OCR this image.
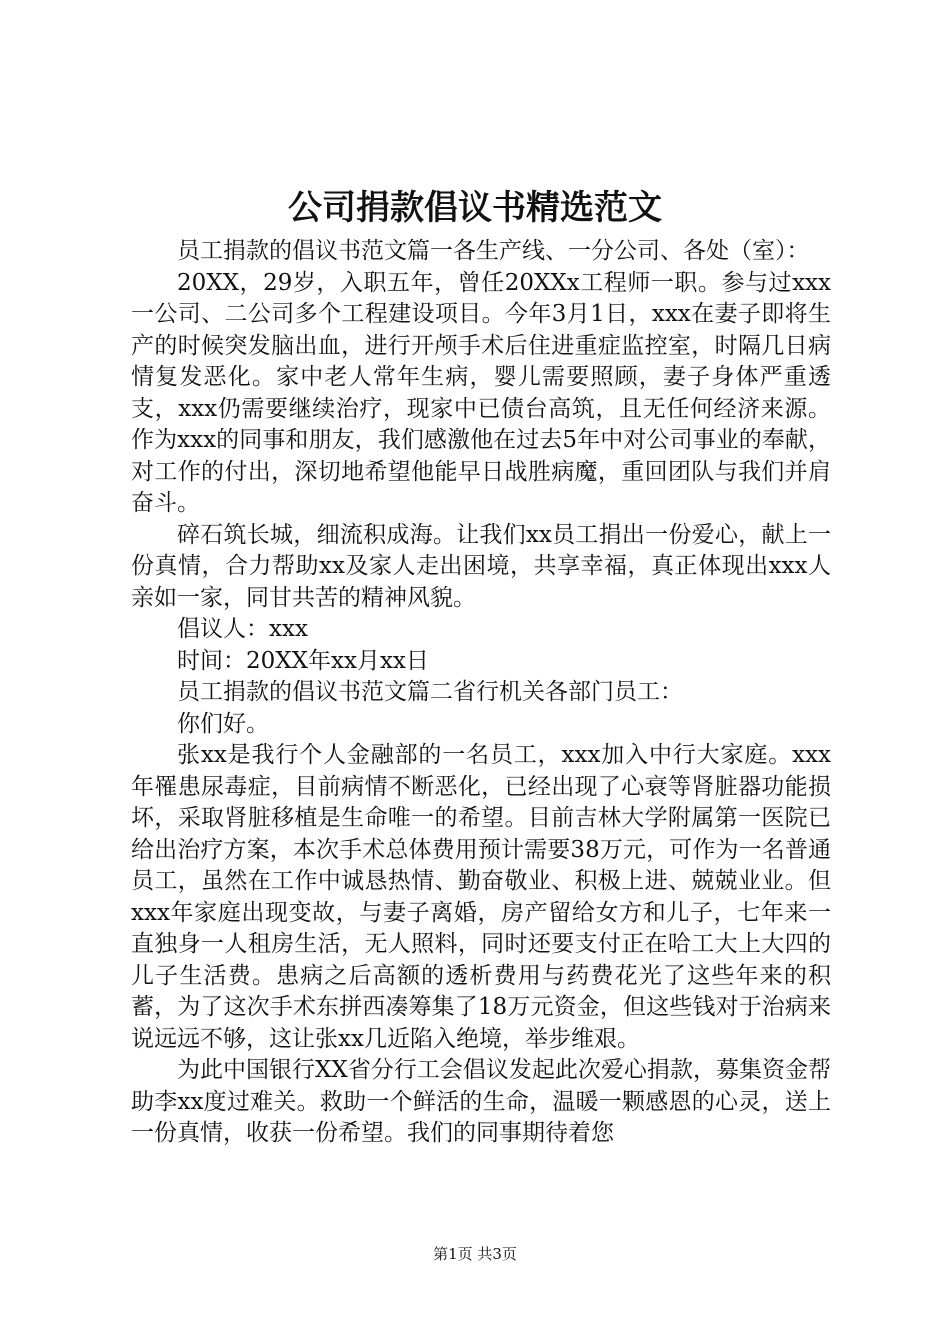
公司捐款倡议书精选范文

员工捐款的倡议书范文篇一各生产线、一分公司、各处（室）：

20XX，29岁，入职五年，曾任20XXx工程师一职。参与过xxx一公司、二公司多个工程建设项目。今年3月1日，xxx在妻子即将生产的时候突发脑出血，进行开颅手术后住进重症监控室，时隔几日病情复发恶化。家中老人常年生病，婴儿需要照顾，妻子身体严重透支，xxx仍需要继续治疗，现家中已债台高筑，且无任何经济来源。作为xxx的同事和朋友，我们感激他在过去5年中对公司事业的奉献，对工作的付出，深切地希望他能早日战胜病魔，重回团队与我们并肩奋斗。

碎石筑长城，细流积成海。让我们xx员工捐出一份爱心，献上一份真情，合力帮助xx及家人走出困境，共享幸福，真正体现出xxx人亲如一家，同甘共苦的精神风貌。

倡议人：xxx

时间：20XX年xx月xx日

员工捐款的倡议书范文篇二省行机关各部门员工：

你们好。

张xx是我行个人金融部的一名员工，xxx加入中行大家庭。xxx年罹患尿毒症，目前病情不断恶化，已经出现了心衰等肾脏器功能损坏，采取肾脏移植是生命唯一的希望。目前吉林大学附属第一医院已给出治疗方案，本次手术总体费用预计需要38万元，可作为一名普通员工，虽然在工作中诚恳热情、勤奋敬业、积极上进、兢兢业业。但xxx年家庭出现变故，与妻子离婚，房产留给女方和儿子，七年来一直独身一人租房生活，无人照料，同时还要支付正在哈工大上大四的儿子生活费。患病之后高额的透析费用与药费花光了这些年来的积蓄，为了这次手术东拼西凑筹集了18万元资金，但这些钱对于治病来说远远不够，这让张xx几近陷入绝境，举步维艰。

为此中国银行XX省分行工会倡议发起此次爱心捐款，募集资金帮助李xx度过难关。救助一个鲜活的生命，温暖一颗感恩的心灵，送上一份真情，收获一份希望。我们的同事期待着您

第1页 共3页
